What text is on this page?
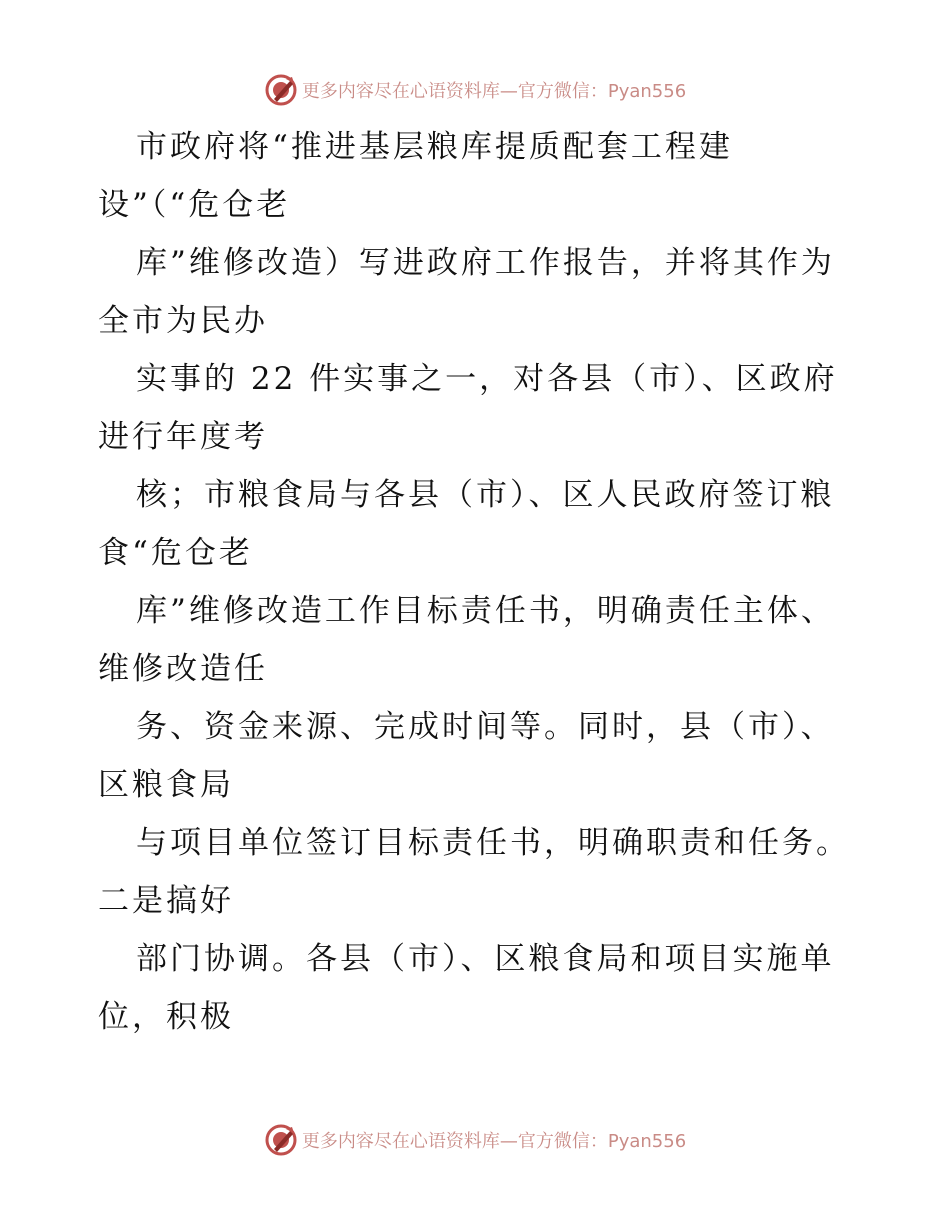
更多内容尽在心语资料库—官方微信：Pyan556
市政府将“推进基层粮库提质配套工程建
设”（“危仓老
库”维修改造）写进政府工作报告，并将其作为
全市为民办
实事的 22 件实事之一，对各县（市）、区政府
进行年度考
核；市粮食局与各县（市）、区人民政府签订粮
食“危仓老
库”维修改造工作目标责任书，明确责任主体、
维修改造任
务、资金来源、完成时间等。同时，县（市）、
区粮食局
与项目单位签订目标责任书，明确职责和任务。
二是搞好
部门协调。各县（市）、区粮食局和项目实施单
位，积极
更多内容尽在心语资料库—官方微信：Pyan556
